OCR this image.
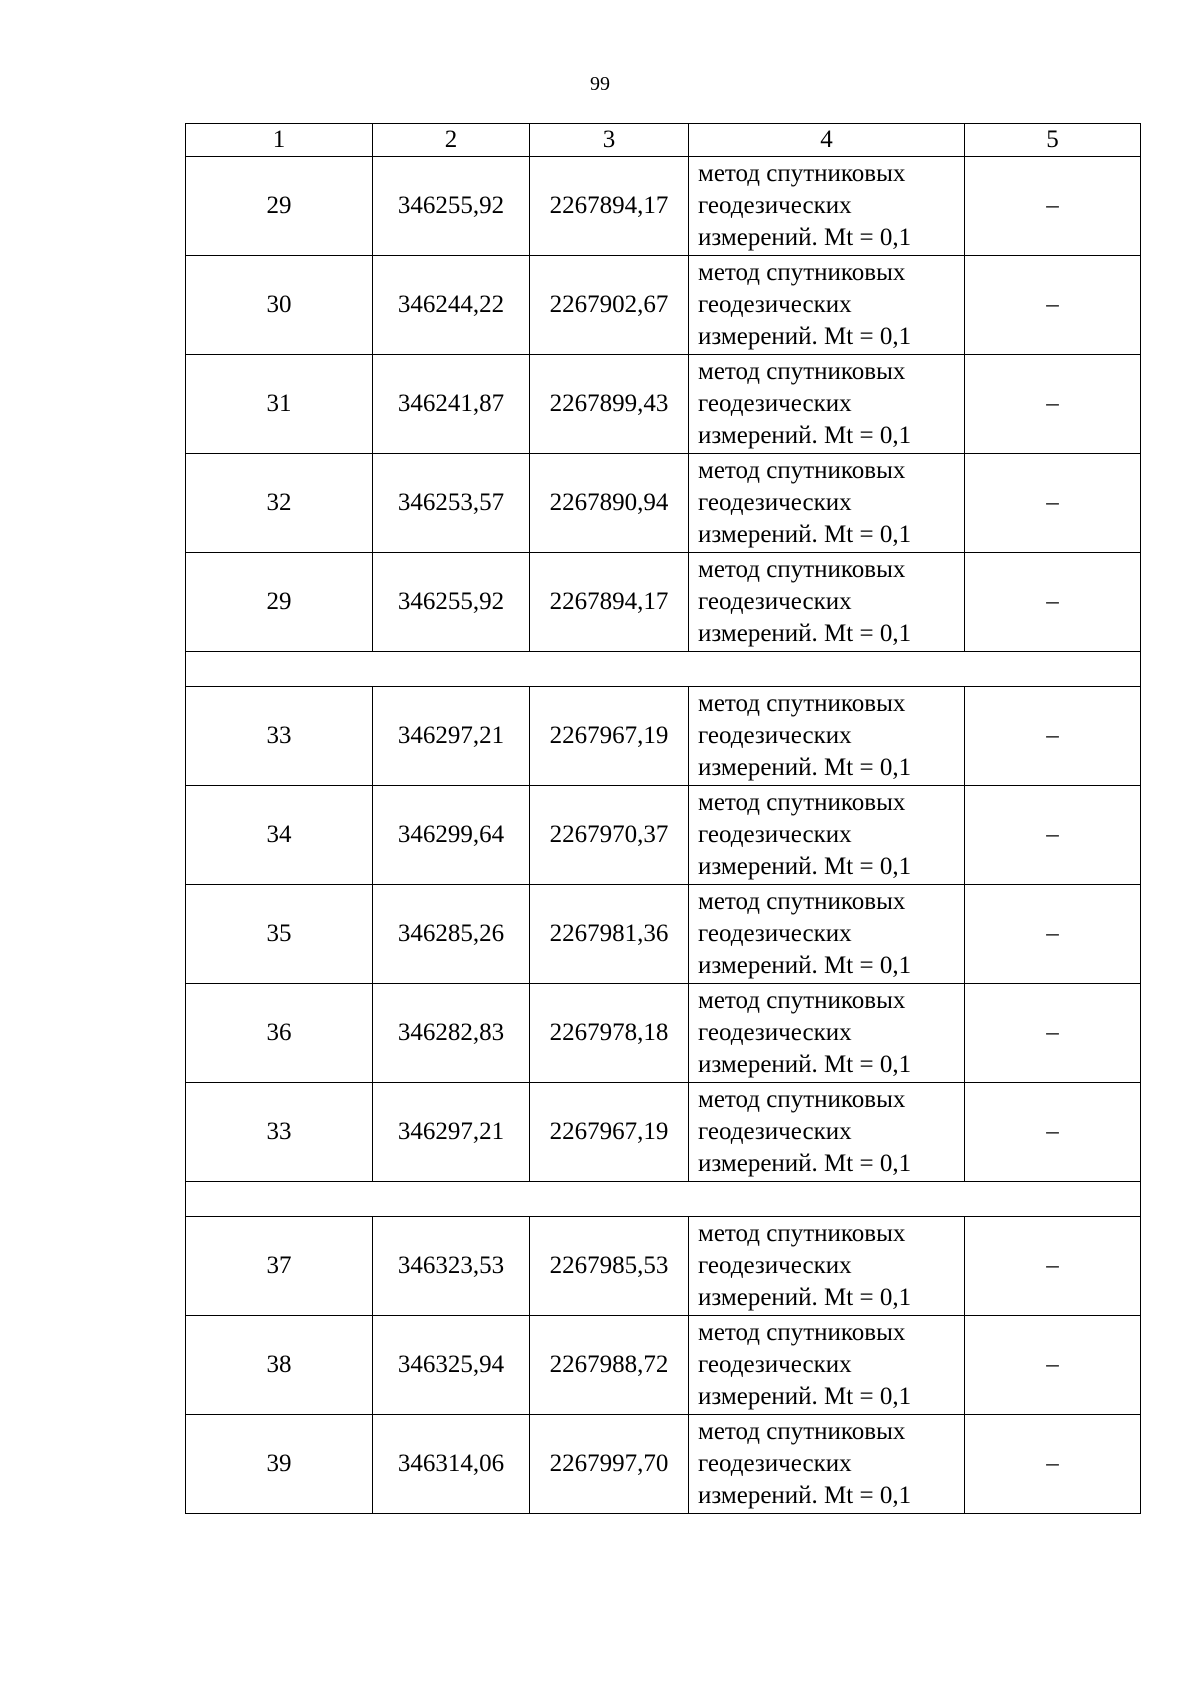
99
1	2	3	4	5
29	346255,92	2267894,17	метод спутниковых
геодезических
измерений. Mt = 0,1	–
30	346244,22	2267902,67	метод спутниковых
геодезических
измерений. Mt = 0,1	–
31	346241,87	2267899,43	метод спутниковых
геодезических
измерений. Mt = 0,1	–
32	346253,57	2267890,94	метод спутниковых
геодезических
измерений. Mt = 0,1	–
29	346255,92	2267894,17	метод спутниковых
геодезических
измерений. Mt = 0,1	–

33	346297,21	2267967,19	метод спутниковых
геодезических
измерений. Mt = 0,1	–
34	346299,64	2267970,37	метод спутниковых
геодезических
измерений. Mt = 0,1	–
35	346285,26	2267981,36	метод спутниковых
геодезических
измерений. Mt = 0,1	–
36	346282,83	2267978,18	метод спутниковых
геодезических
измерений. Mt = 0,1	–
33	346297,21	2267967,19	метод спутниковых
геодезических
измерений. Mt = 0,1	–

37	346323,53	2267985,53	метод спутниковых
геодезических
измерений. Mt = 0,1	–
38	346325,94	2267988,72	метод спутниковых
геодезических
измерений. Mt = 0,1	–
39	346314,06	2267997,70	метод спутниковых
геодезических
измерений. Mt = 0,1	–
